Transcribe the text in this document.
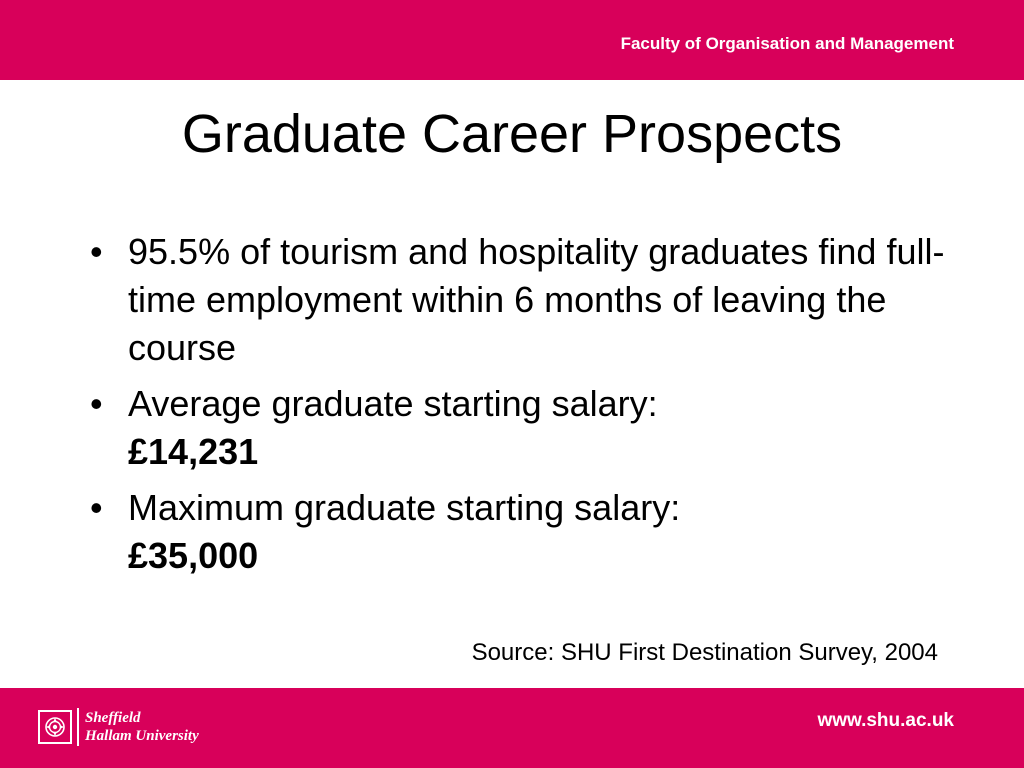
Faculty of Organisation and Management
Graduate Career Prospects
• 95.5% of tourism and hospitality graduates find full-time employment within 6 months of leaving the course
• Average graduate starting salary:
£14,231
• Maximum graduate starting salary:
£35,000
Source: SHU First Destination Survey, 2004
Sheffield
Hallam University
www.shu.ac.uk
